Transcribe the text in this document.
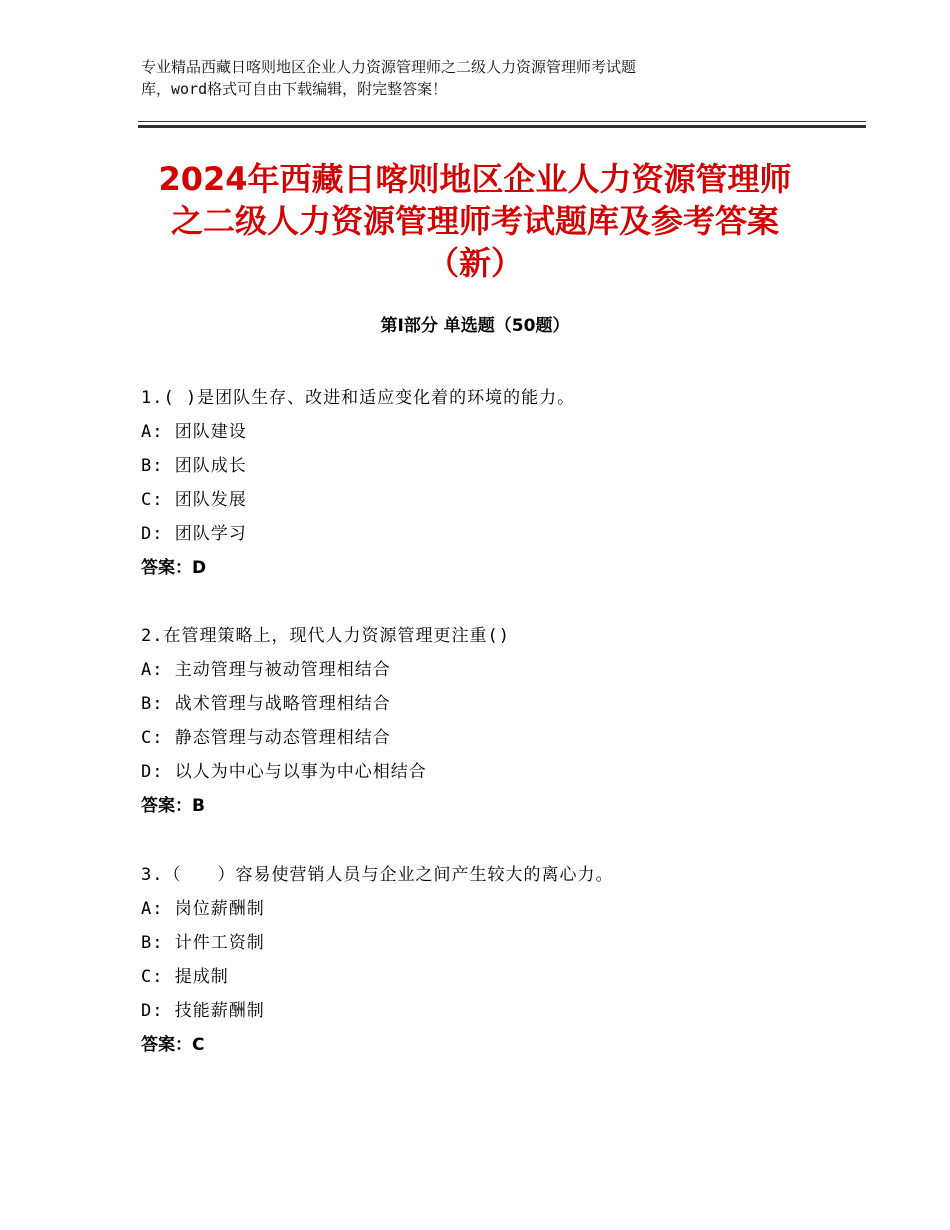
专业精品西藏日喀则地区企业人力资源管理师之二级人力资源管理师考试题
库，word格式可自由下载编辑，附完整答案！
2024年西藏日喀则地区企业人力资源管理师
之二级人力资源管理师考试题库及参考答案
（新）
第Ⅰ部分 单选题（50题）
1.( )是团队生存、改进和适应变化着的环境的能力。
A: 团队建设
B: 团队成长
C: 团队发展
D: 团队学习
答案：D
2.在管理策略上，现代人力资源管理更注重()
A: 主动管理与被动管理相结合
B: 战术管理与战略管理相结合
C: 静态管理与动态管理相结合
D: 以人为中心与以事为中心相结合
答案：B
3.（　　）容易使营销人员与企业之间产生较大的离心力。
A: 岗位薪酬制
B: 计件工资制
C: 提成制
D: 技能薪酬制
答案：C
